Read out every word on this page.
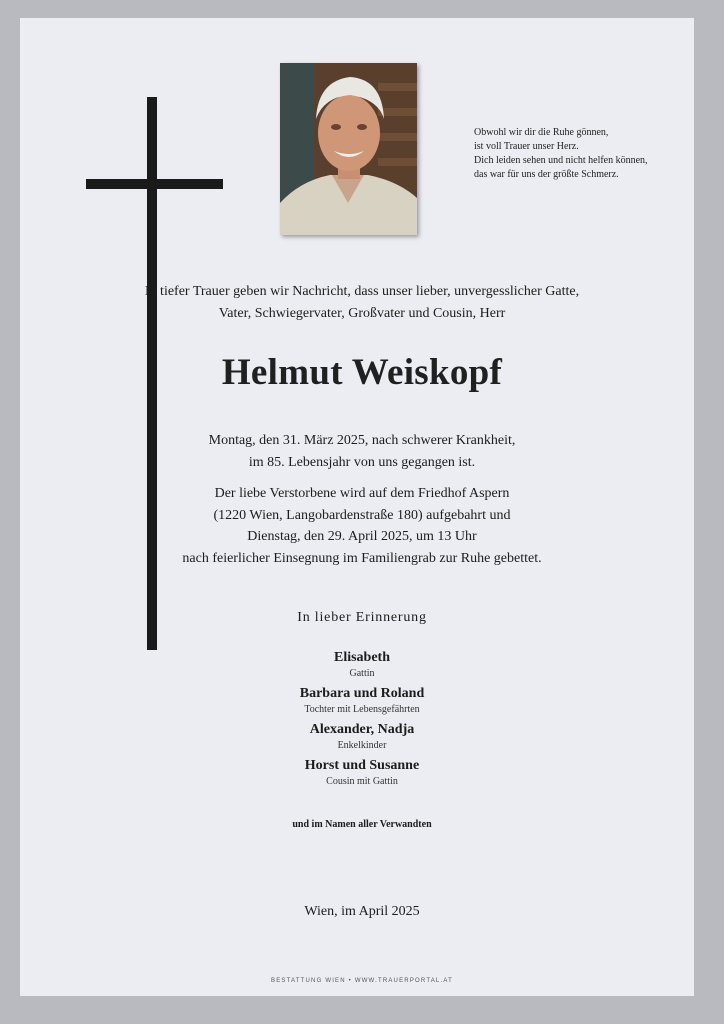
Obwohl wir dir die Ruhe gönnen,
ist voll Trauer unser Herz.
Dich leiden sehen und nicht helfen können,
das war für uns der größte Schmerz.
In tiefer Trauer geben wir Nachricht, dass unser lieber, unvergesslicher Gatte,
Vater, Schwiegervater, Großvater und Cousin, Herr
Helmut Weiskopf
Montag, den 31. März 2025, nach schwerer Krankheit,
im 85. Lebensjahr von uns gegangen ist.
Der liebe Verstorbene wird auf dem Friedhof Aspern
(1220 Wien, Langobardenstraße 180) aufgebahrt und
Dienstag, den 29. April 2025, um 13 Uhr
nach feierlicher Einsegnung im Familiengrab zur Ruhe gebettet.
In lieber Erinnerung
Elisabeth
Gattin
Barbara und Roland
Tochter mit Lebensgefährten
Alexander, Nadja
Enkelkinder
Horst und Susanne
Cousin mit Gattin
und im Namen aller Verwandten
Wien, im April 2025
BESTATTUNG WIEN • WWW.TRAUERPORTAL.AT
